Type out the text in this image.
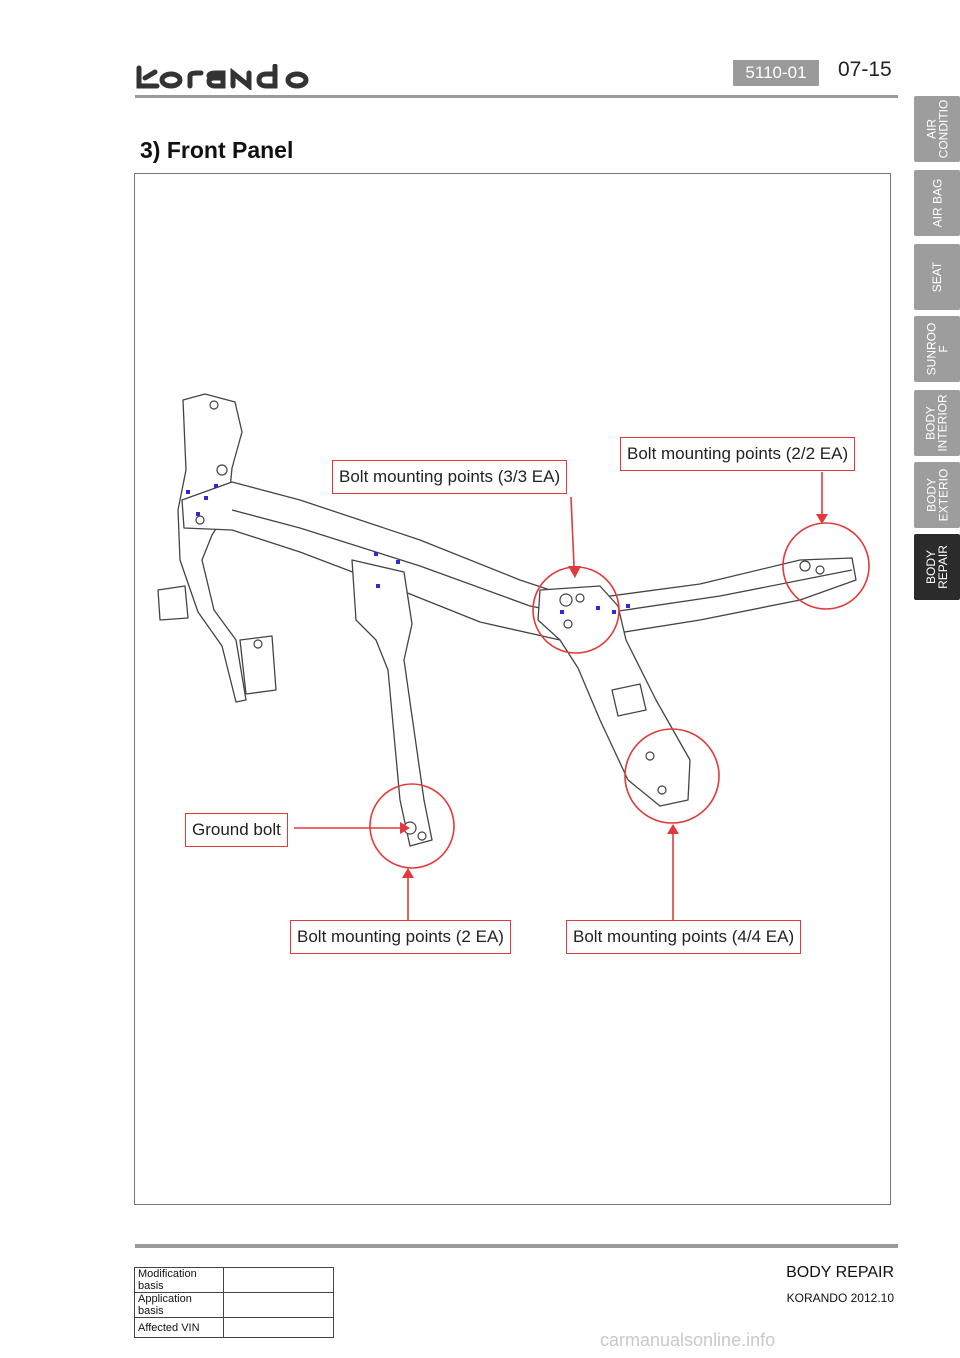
5110-01	07-15
3) Front Panel
Bolt mounting points (3/3 EA)
Bolt mounting points (2/2 EA)
Ground bolt
Bolt mounting points (2 EA)	Bolt mounting points (4/4 EA)
AIR
CONDITIO
AIR BAG
SEAT
SUNROO
F
BODY
INTERIOR
BODY
EXTERIO
BODY
REPAIR
Modification basis	
Application basis	
Affected VIN	
BODY REPAIR
KORANDO 2012.10
carmanualsonline.info
